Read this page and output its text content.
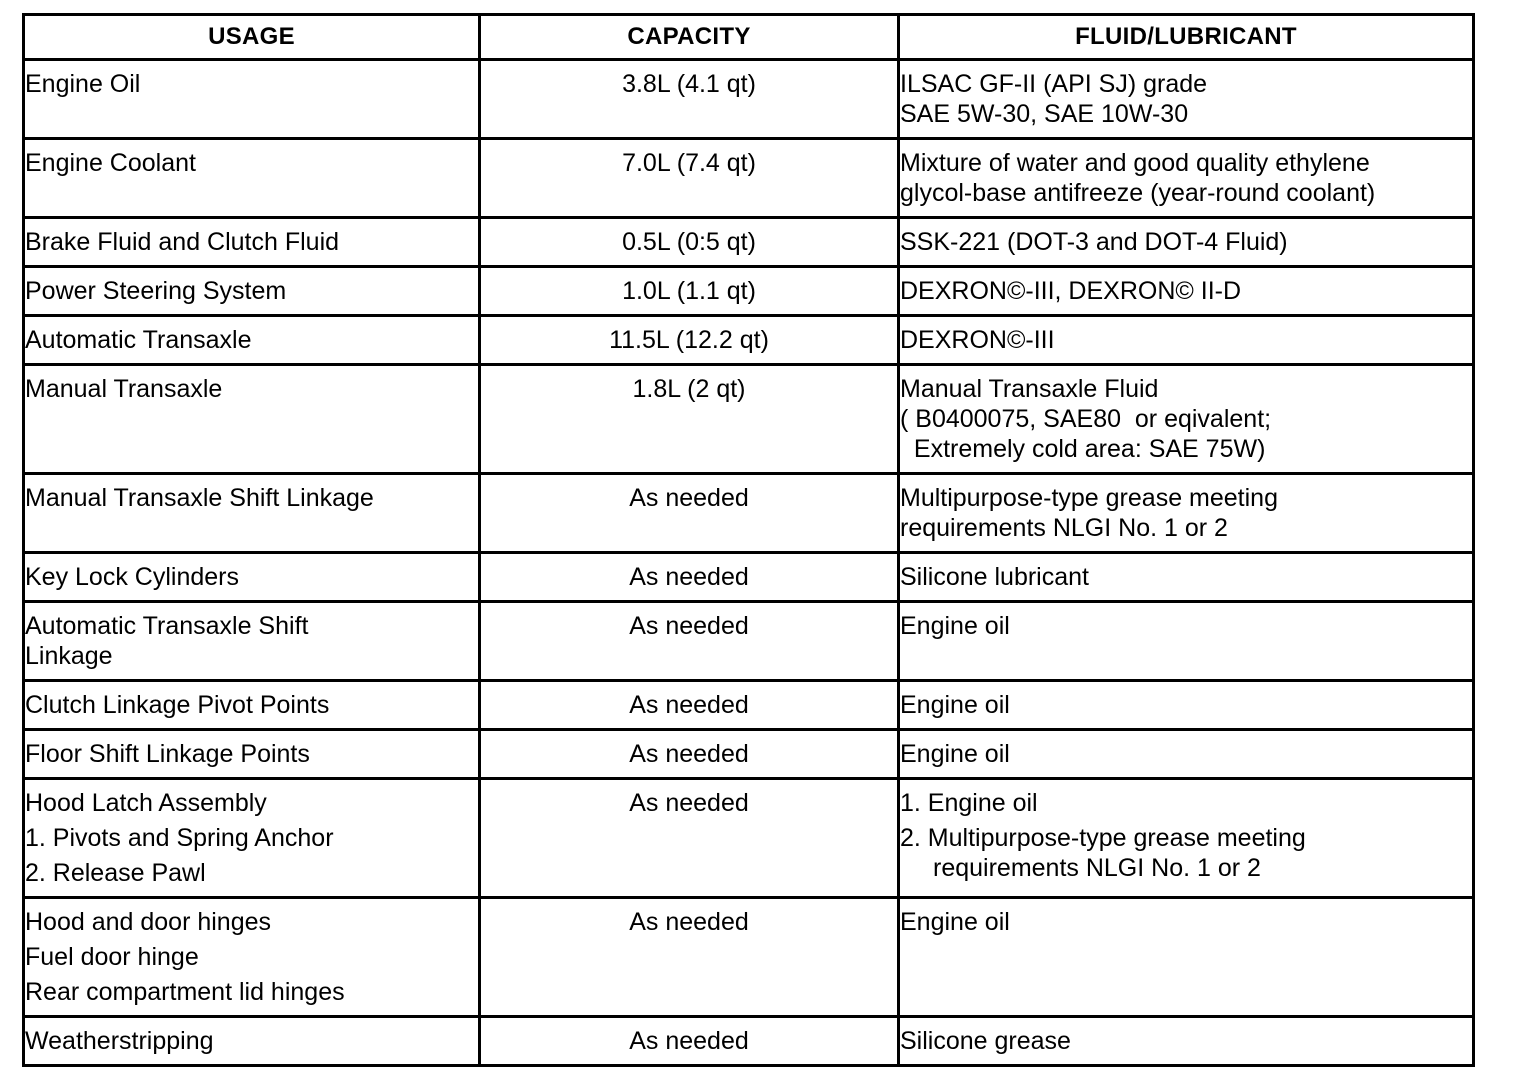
USAGE	CAPACITY	FLUID/LUBRICANT

Engine Oil	3.8L (4.1 qt)	ILSAC GF-II (API SJ) grade
SAE 5W-30, SAE 10W-30

Engine Coolant	7.0L (7.4 qt)	Mixture of water and good quality ethylene
glycol-base antifreeze (year-round coolant)

Brake Fluid and Clutch Fluid	0.5L (0:5 qt)	SSK-221 (DOT-3 and DOT-4 Fluid)

Power Steering System	1.0L (1.1 qt)	DEXRON©-III, DEXRON© II-D

Automatic Transaxle	11.5L (12.2 qt)	DEXRON©-III

Manual Transaxle	1.8L (2 qt)	Manual Transaxle Fluid
( B0400075, SAE80  or eqivalent;
Extremely cold area: SAE 75W)

Manual Transaxle Shift Linkage	As needed	Multipurpose-type grease meeting
requirements NLGI No. 1 or 2

Key Lock Cylinders	As needed	Silicone lubricant

Automatic Transaxle Shift
Linkage	As needed	Engine oil

Clutch Linkage Pivot Points	As needed	Engine oil

Floor Shift Linkage Points	As needed	Engine oil

Hood Latch Assembly
1. Pivots and Spring Anchor
2. Release Pawl	As needed	1. Engine oil
2. Multipurpose-type grease meeting
requirements NLGI No. 1 or 2

Hood and door hinges
Fuel door hinge
Rear compartment lid hinges	As needed	Engine oil

Weatherstripping	As needed	Silicone grease
